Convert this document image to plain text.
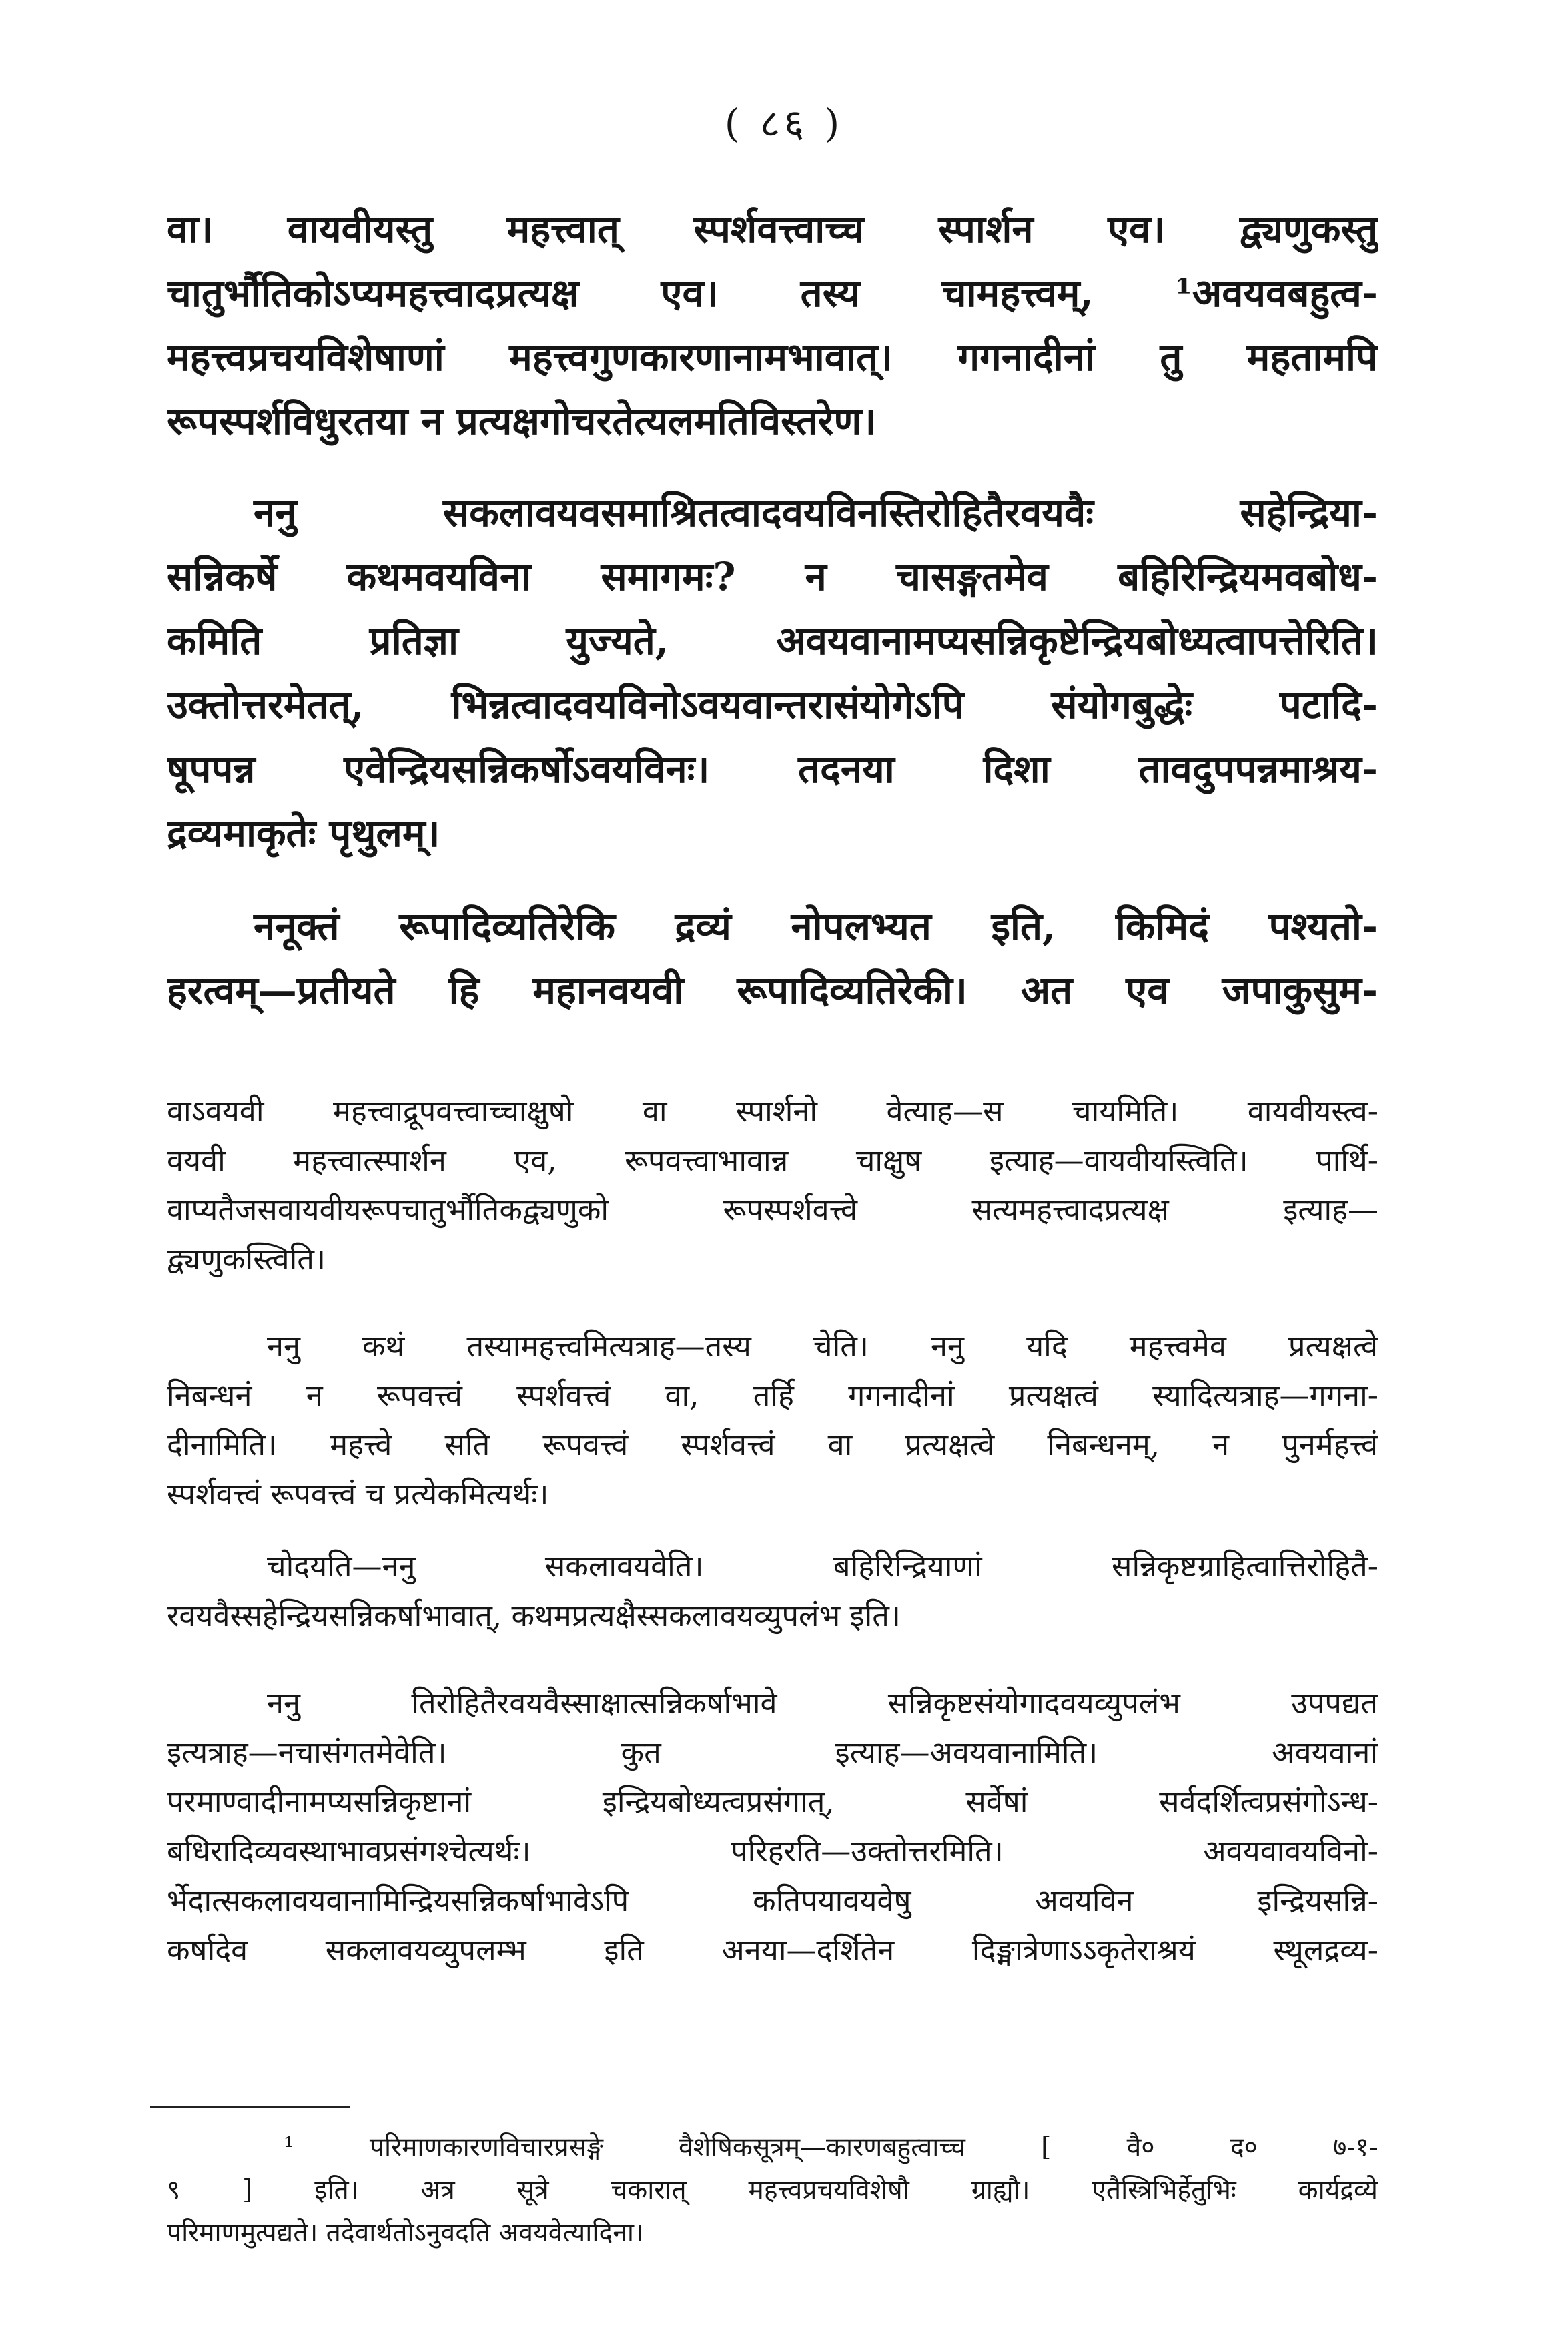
( ८६ )
वा। वायवीयस्तु महत्त्वात् स्पर्शवत्त्वाच्च स्पार्शन एव। द्व्यणुकस्तु
चातुर्भौतिकोऽप्यमहत्त्वादप्रत्यक्ष एव। तस्य चामहत्त्वम्, ¹अवयवबहुत्व-
महत्त्वप्रचयविशेषाणां महत्त्वगुणकारणानामभावात्। गगनादीनां तु महतामपि
रूपस्पर्शविधुरतया न प्रत्यक्षगोचरतेत्यलमतिविस्तरेण।
ननु सकलावयवसमाश्रितत्वादवयविनस्तिरोहितैरवयवैः सहेन्द्रिया-
सन्निकर्षे कथमवयविना समागमः? न चासङ्गतमेव बहिरिन्द्रियमवबोध-
कमिति प्रतिज्ञा युज्यते, अवयवानामप्यसन्निकृष्टेन्द्रियबोध्यत्वापत्तेरिति।
उक्तोत्तरमेतत्, भिन्नत्वादवयविनोऽवयवान्तरासंयोगेऽपि संयोगबुद्धेः पटादि-
षूपपन्न एवेन्द्रियसन्निकर्षोऽवयविनः। तदनया दिशा तावदुपपन्नमाश्रय-
द्रव्यमाकृतेः पृथुलम्।
ननूक्तं रूपादिव्यतिरेकि द्रव्यं नोपलभ्यत इति, किमिदं पश्यतो-
हरत्वम्—प्रतीयते हि महानवयवी रूपादिव्यतिरेकी। अत एव जपाकुसुम-
वाऽवयवी महत्त्वाद्रूपवत्त्वाच्चाक्षुषो वा स्पार्शनो वेत्याह—स चायमिति। वायवीयस्त्व-
वयवी महत्त्वात्स्पार्शन एव, रूपवत्त्वाभावान्न चाक्षुष इत्याह—वायवीयस्त्विति। पार्थि-
वाप्यतैजसवायवीयरूपचातुर्भौतिकद्व्यणुको रूपस्पर्शवत्त्वे सत्यमहत्त्वादप्रत्यक्ष इत्याह—
द्व्यणुकस्त्विति।
ननु कथं तस्यामहत्त्वमित्यत्राह—तस्य चेति। ननु यदि महत्त्वमेव प्रत्यक्षत्वे
निबन्धनं न रूपवत्त्वं स्पर्शवत्त्वं वा, तर्हि गगनादीनां प्रत्यक्षत्वं स्यादित्यत्राह—गगना-
दीनामिति। महत्त्वे सति रूपवत्त्वं स्पर्शवत्त्वं वा प्रत्यक्षत्वे निबन्धनम्, न पुनर्महत्त्वं
स्पर्शवत्त्वं रूपवत्त्वं च प्रत्येकमित्यर्थः।
चोदयति—ननु सकलावयवेति। बहिरिन्द्रियाणां सन्निकृष्टग्राहित्वात्तिरोहितै-
रवयवैस्सहेन्द्रियसन्निकर्षाभावात्, कथमप्रत्यक्षैस्सकलावयव्युपलंभ इति।
ननु तिरोहितैरवयवैस्साक्षात्सन्निकर्षाभावे सन्निकृष्टसंयोगादवयव्युपलंभ उपपद्यत
इत्यत्राह—नचासंगतमेवेति। कुत इत्याह—अवयवानामिति। अवयवानां
परमाण्वादीनामप्यसन्निकृष्टानां इन्द्रियबोध्यत्वप्रसंगात्, सर्वेषां सर्वदर्शित्वप्रसंगोऽन्ध-
बधिरादिव्यवस्थाभावप्रसंगश्चेत्यर्थः। परिहरति—उक्तोत्तरमिति। अवयवावयविनो-
र्भेदात्सकलावयवानामिन्द्रियसन्निकर्षाभावेऽपि कतिपयावयवेषु अवयविन इन्द्रियसन्नि-
कर्षादेव सकलावयव्युपलम्भ इति अनया—दर्शितेन दिङ्मात्रेणाऽऽकृतेराश्रयं स्थूलद्रव्य-
¹ परिमाणकारणविचारप्रसङ्गे वैशेषिकसूत्रम्—कारणबहुत्वाच्च [ वै० द० ७-१-
९ ] इति। अत्र सूत्रे चकारात् महत्त्वप्रचयविशेषौ ग्राह्यौ। एतैस्त्रिभिर्हेतुभिः कार्यद्रव्ये
परिमाणमुत्पद्यते। तदेवार्थतोऽनुवदति अवयवेत्यादिना।
